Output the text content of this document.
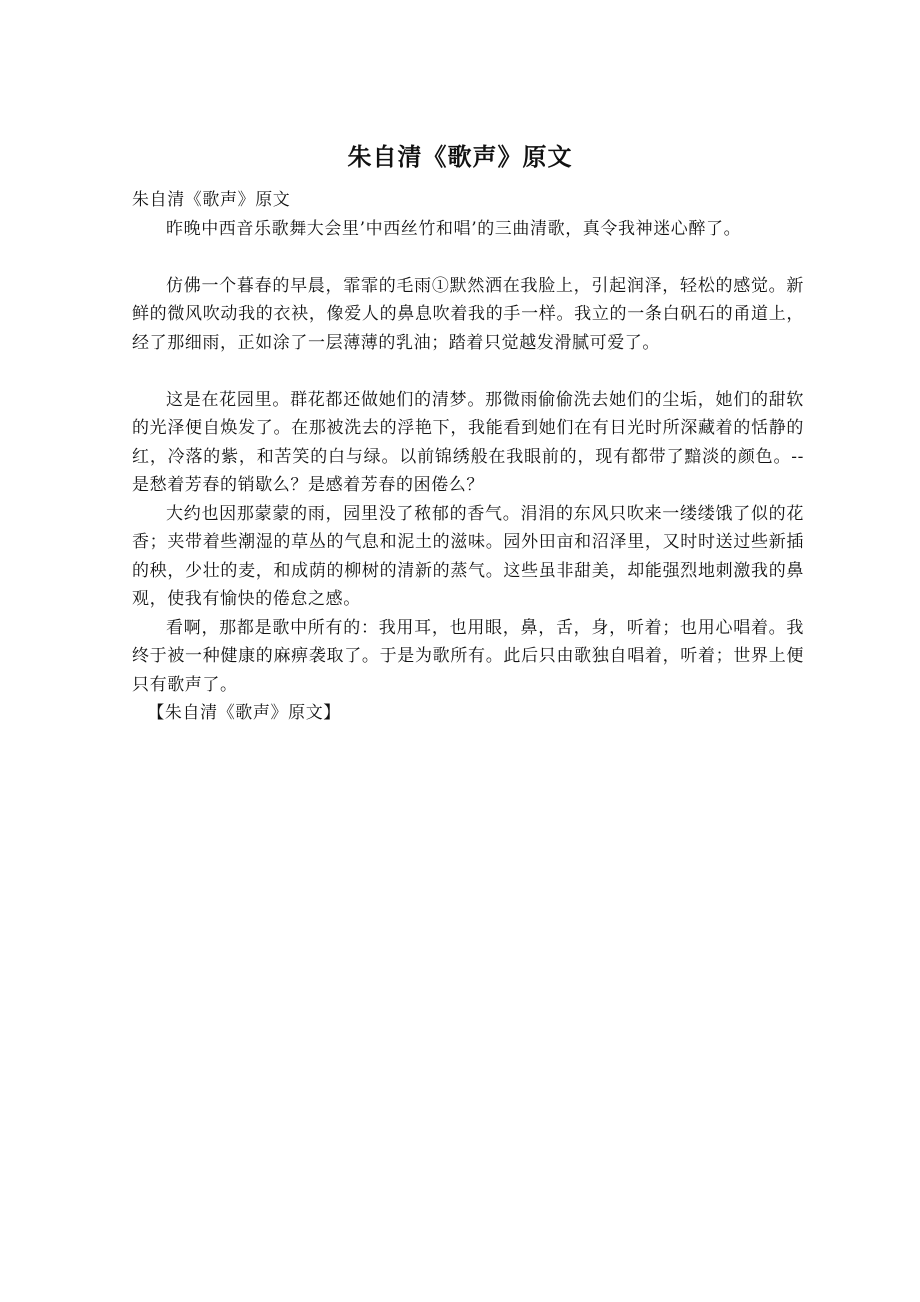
朱自清《歌声》原文

朱自清《歌声》原文

昨晚中西音乐歌舞大会里’中西丝竹和唱’的三曲清歌，真令我神迷心醉了。

仿佛一个暮春的早晨，霏霏的毛雨①默然洒在我脸上，引起润泽，轻松的感觉。新鲜的微风吹动我的衣袂，像爱人的鼻息吹着我的手一样。我立的一条白矾石的甬道上，经了那细雨，正如涂了一层薄薄的乳油；踏着只觉越发滑腻可爱了。

这是在花园里。群花都还做她们的清梦。那微雨偷偷洗去她们的尘垢，她们的甜软的光泽便自焕发了。在那被洗去的浮艳下，我能看到她们在有日光时所深藏着的恬静的红，冷落的紫，和苦笑的白与绿。以前锦绣般在我眼前的，现有都带了黯淡的颜色。--是愁着芳春的销歇么？是感着芳春的困倦么？

大约也因那蒙蒙的雨，园里没了秾郁的香气。涓涓的东风只吹来一缕缕饿了似的花香；夹带着些潮湿的草丛的气息和泥土的滋味。园外田亩和沼泽里，又时时送过些新插的秧，少壮的麦，和成荫的柳树的清新的蒸气。这些虽非甜美，却能强烈地刺激我的鼻观，使我有愉快的倦怠之感。

看啊，那都是歌中所有的：我用耳，也用眼，鼻，舌，身，听着；也用心唱着。我终于被一种健康的麻痹袭取了。于是为歌所有。此后只由歌独自唱着，听着；世界上便只有歌声了。

【朱自清《歌声》原文】
